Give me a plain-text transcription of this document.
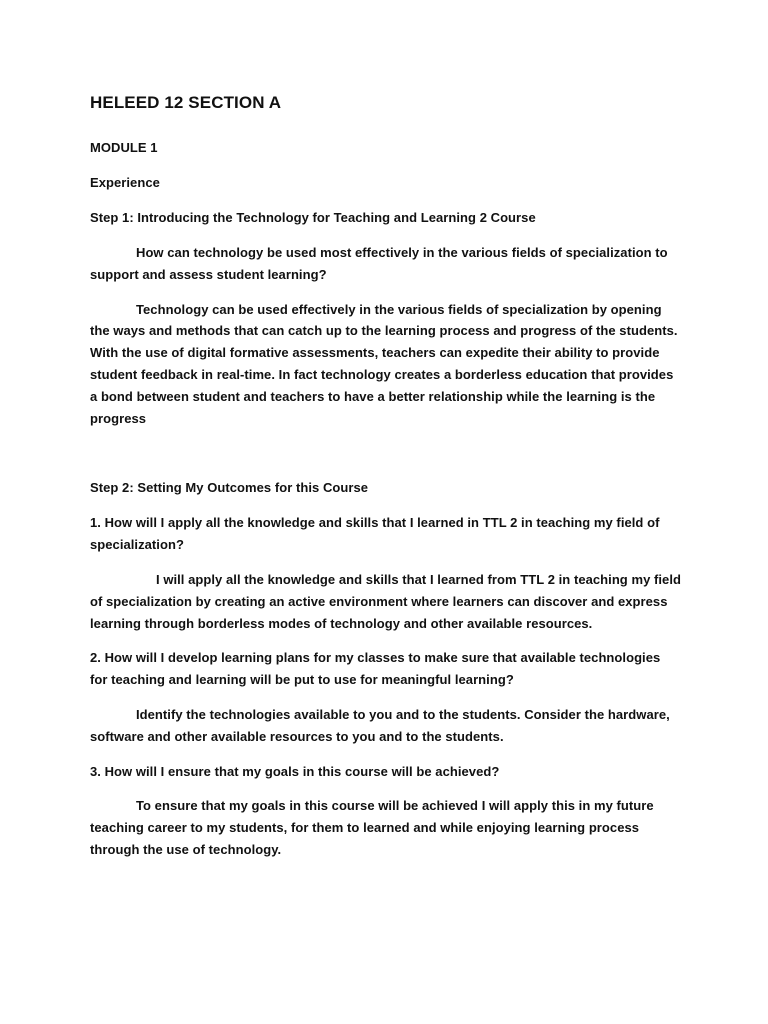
HELEED 12 SECTION A
MODULE 1
Experience
Step 1: Introducing the Technology for Teaching and Learning 2 Course
How can technology be used most effectively in the various fields of specialization to
support and assess student learning?
Technology can be used effectively in the various fields of specialization by opening
the ways and methods that can catch up to the learning process and progress of the students.
With the use of digital formative assessments, teachers can expedite their ability to provide
student feedback in real-time. In fact technology creates a borderless education that provides
a bond between student and teachers to have a better relationship while the learning is the
progress
Step 2: Setting My Outcomes for this Course
1. How will I apply all the knowledge and skills that I learned in TTL 2 in teaching my field of
specialization?
I will apply all the knowledge and skills that I learned from TTL 2 in teaching my field
of specialization by creating an active environment where learners can discover and express
learning through borderless modes of technology and other available resources.
2. How will I develop learning plans for my classes to make sure that available technologies
for teaching and learning will be put to use for meaningful learning?
Identify the technologies available to you and to the students. Consider the hardware,
software and other available resources to you and to the students.
3. How will I ensure that my goals in this course will be achieved?
To ensure that my goals in this course will be achieved I will apply this in my future
teaching career to my students, for them to learned and while enjoying learning process
through the use of technology.
